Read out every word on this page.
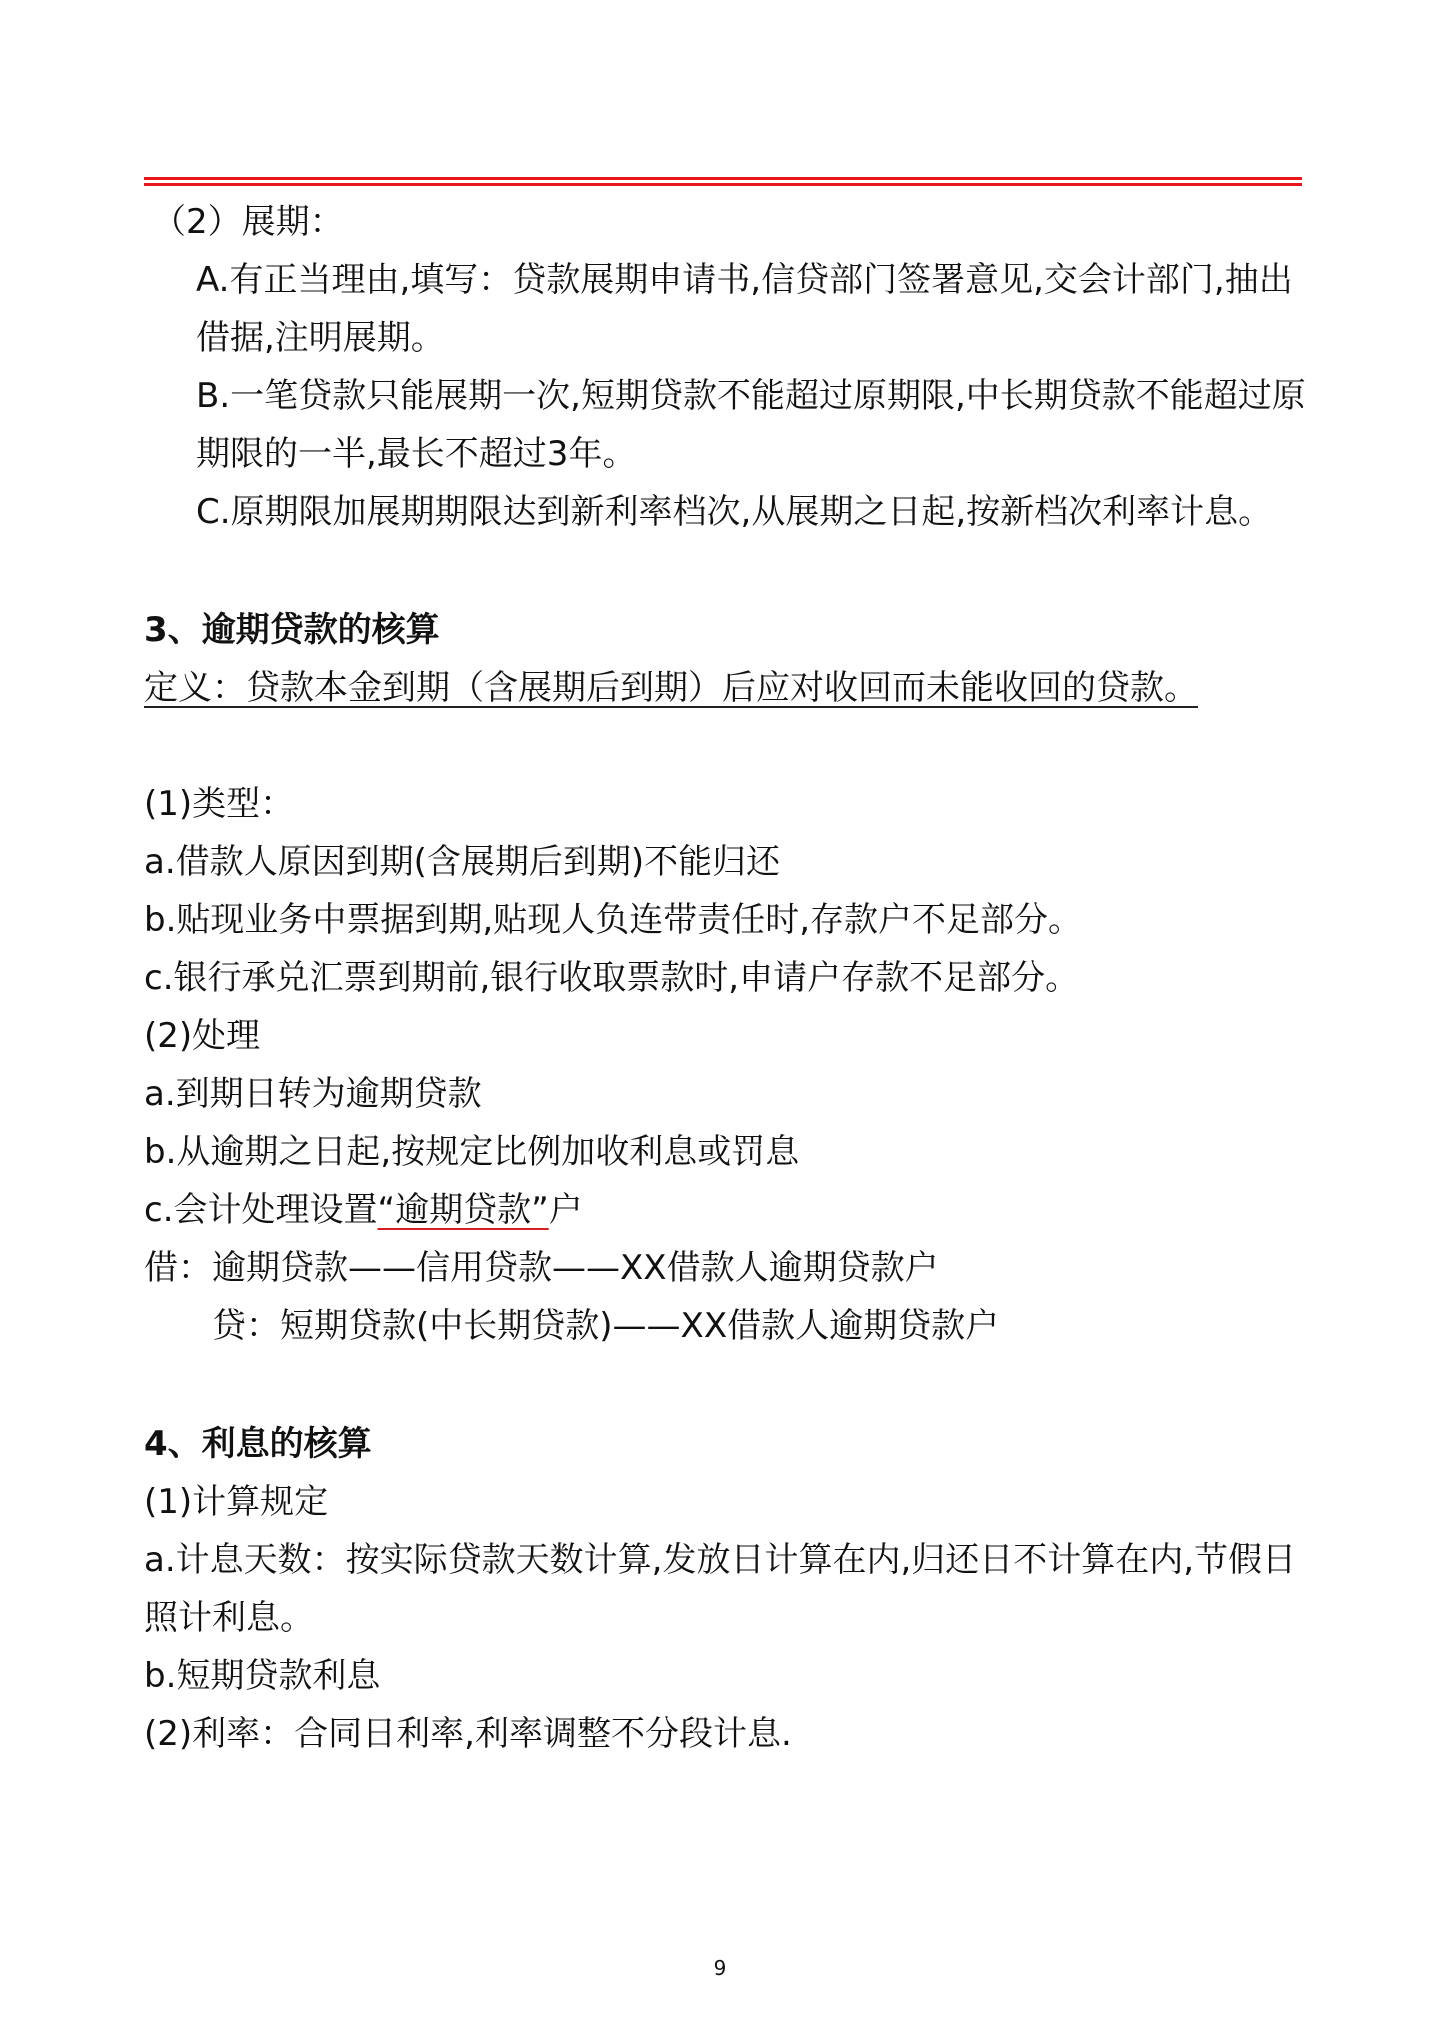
（2）展期：
A.有正当理由,填写：贷款展期申请书,信贷部门签署意见,交会计部门,抽出
借据,注明展期。
B.一笔贷款只能展期一次,短期贷款不能超过原期限,中长期贷款不能超过原
期限的一半,最长不超过3年。
C.原期限加展期期限达到新利率档次,从展期之日起,按新档次利率计息。
3、逾期贷款的核算
定义：贷款本金到期（含展期后到期）后应对收回而未能收回的贷款。
(1)类型：
a.借款人原因到期(含展期后到期)不能归还
b.贴现业务中票据到期,贴现人负连带责任时,存款户不足部分。
c.银行承兑汇票到期前,银行收取票款时,申请户存款不足部分。
(2)处理
a.到期日转为逾期贷款
b.从逾期之日起,按规定比例加收利息或罚息
c.会计处理设置“逾期贷款”户
借：逾期贷款——信用贷款——XX借款人逾期贷款户
贷：短期贷款(中长期贷款)——XX借款人逾期贷款户
4、利息的核算
(1)计算规定
a.计息天数：按实际贷款天数计算,发放日计算在内,归还日不计算在内,节假日
照计利息。
b.短期贷款利息
(2)利率：合同日利率,利率调整不分段计息.
9
